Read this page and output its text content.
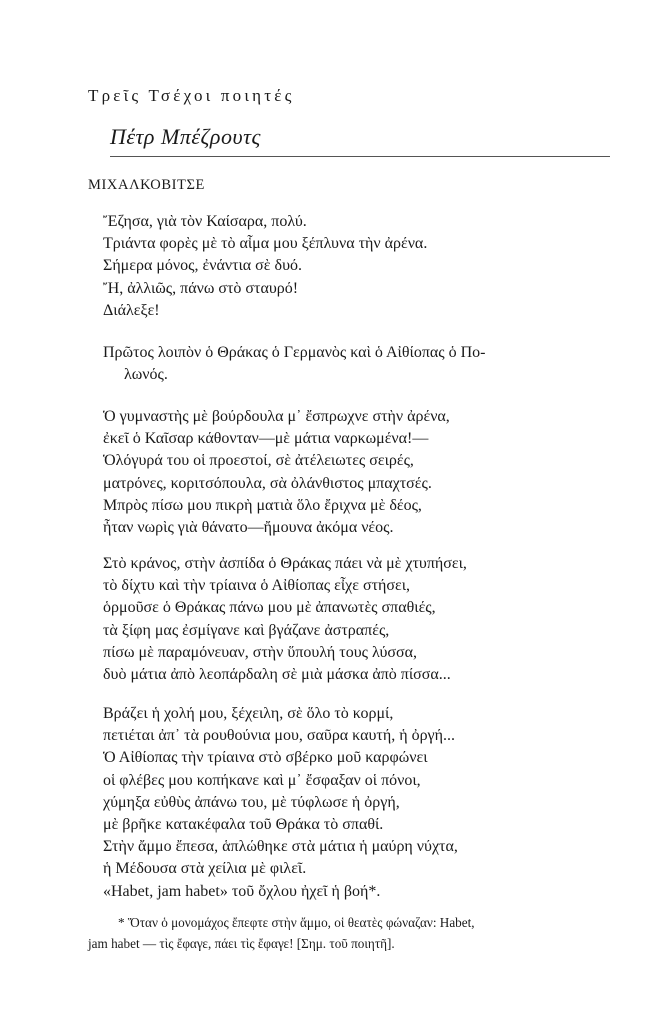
Τρεῖς Τσέχοι ποιητές
Πέτρ Μπέζρουτς
ΜΙΧΑΛΚΟΒΙΤΣΕ
Ἔζησα, γιὰ τὸν Καίσαρα, πολύ.
Τριάντα φορὲς μὲ τὸ αἷμα μου ξέπλυνα τὴν ἀρένα.
Σήμερα μόνος, ἐνάντια σὲ δυό.
Ἤ, ἀλλιῶς, πάνω στὸ σταυρό!
Διάλεξε!
Πρῶτος λοιπὸν ὁ Θράκας ὁ Γερμανὸς καὶ ὁ Αἰθίοπας ὁ Πο-
λωνός.
Ὁ γυμναστὴς μὲ βούρδουλα μ᾽ ἔσπρωχνε στὴν ἀρένα,
ἐκεῖ ὁ Καῖσαρ κάθονταν—μὲ μάτια ναρκωμένα!—
Ὁλόγυρά του οἱ προεστοί, σὲ ἀτέλειωτες σειρές,
ματρόνες, κοριτσόπουλα, σὰ ὀλάνθιστος μπαχτσές.
Μπρὸς πίσω μου πικρὴ ματιὰ ὅλο ἔριχνα μὲ δέος,
ἦταν νωρὶς γιὰ θάνατο—ἤμουνα ἀκόμα νέος.
Στὸ κράνος, στὴν ἀσπίδα ὁ Θράκας πάει νὰ μὲ χτυπήσει,
τὸ δίχτυ καὶ τὴν τρίαινα ὁ Αἰθίοπας εἶχε στήσει,
ὁρμοῦσε ὁ Θράκας πάνω μου μὲ ἀπανωτὲς σπαθιές,
τὰ ξίφη μας ἐσμίγανε καὶ βγάζανε ἀστραπές,
πίσω μὲ παραμόνευαν, στὴν ὕπουλή τους λύσσα,
δυὸ μάτια ἀπὸ λεοπάρδαλη σὲ μιὰ μάσκα ἀπὸ πίσσα...
Βράζει ἡ χολή μου, ξέχειλη, σὲ ὅλο τὸ κορμί,
πετιέται ἀπ᾽ τὰ ρουθούνια μου, σαῦρα καυτή, ἡ ὀργή...
Ὁ Αἰθίοπας τὴν τρίαινα στὸ σβέρκο μοῦ καρφώνει
οἱ φλέβες μου κοπήκανε καὶ μ᾽ ἔσφαξαν οἱ πόνοι,
χύμηξα εὐθὺς ἀπάνω του, μὲ τύφλωσε ἡ ὀργή,
μὲ βρῆκε κατακέφαλα τοῦ Θράκα τὸ σπαθί.
Στὴν ἄμμο ἔπεσα, ἁπλώθηκε στὰ μάτια ἡ μαύρη νύχτα,
ἡ Μέδουσα στὰ χείλια μὲ φιλεῖ.
«Habet, jam habet» τοῦ ὄχλου ἠχεῖ ἡ βοή*.
* Ὅταν ὁ μονομάχος ἔπεφτε στὴν ἄμμο, οἱ θεατὲς φώναζαν: Habet,
jam habet — τὶς ἔφαγε, πάει τὶς ἔφαγε! [Σημ. τοῦ ποιητῆ].
